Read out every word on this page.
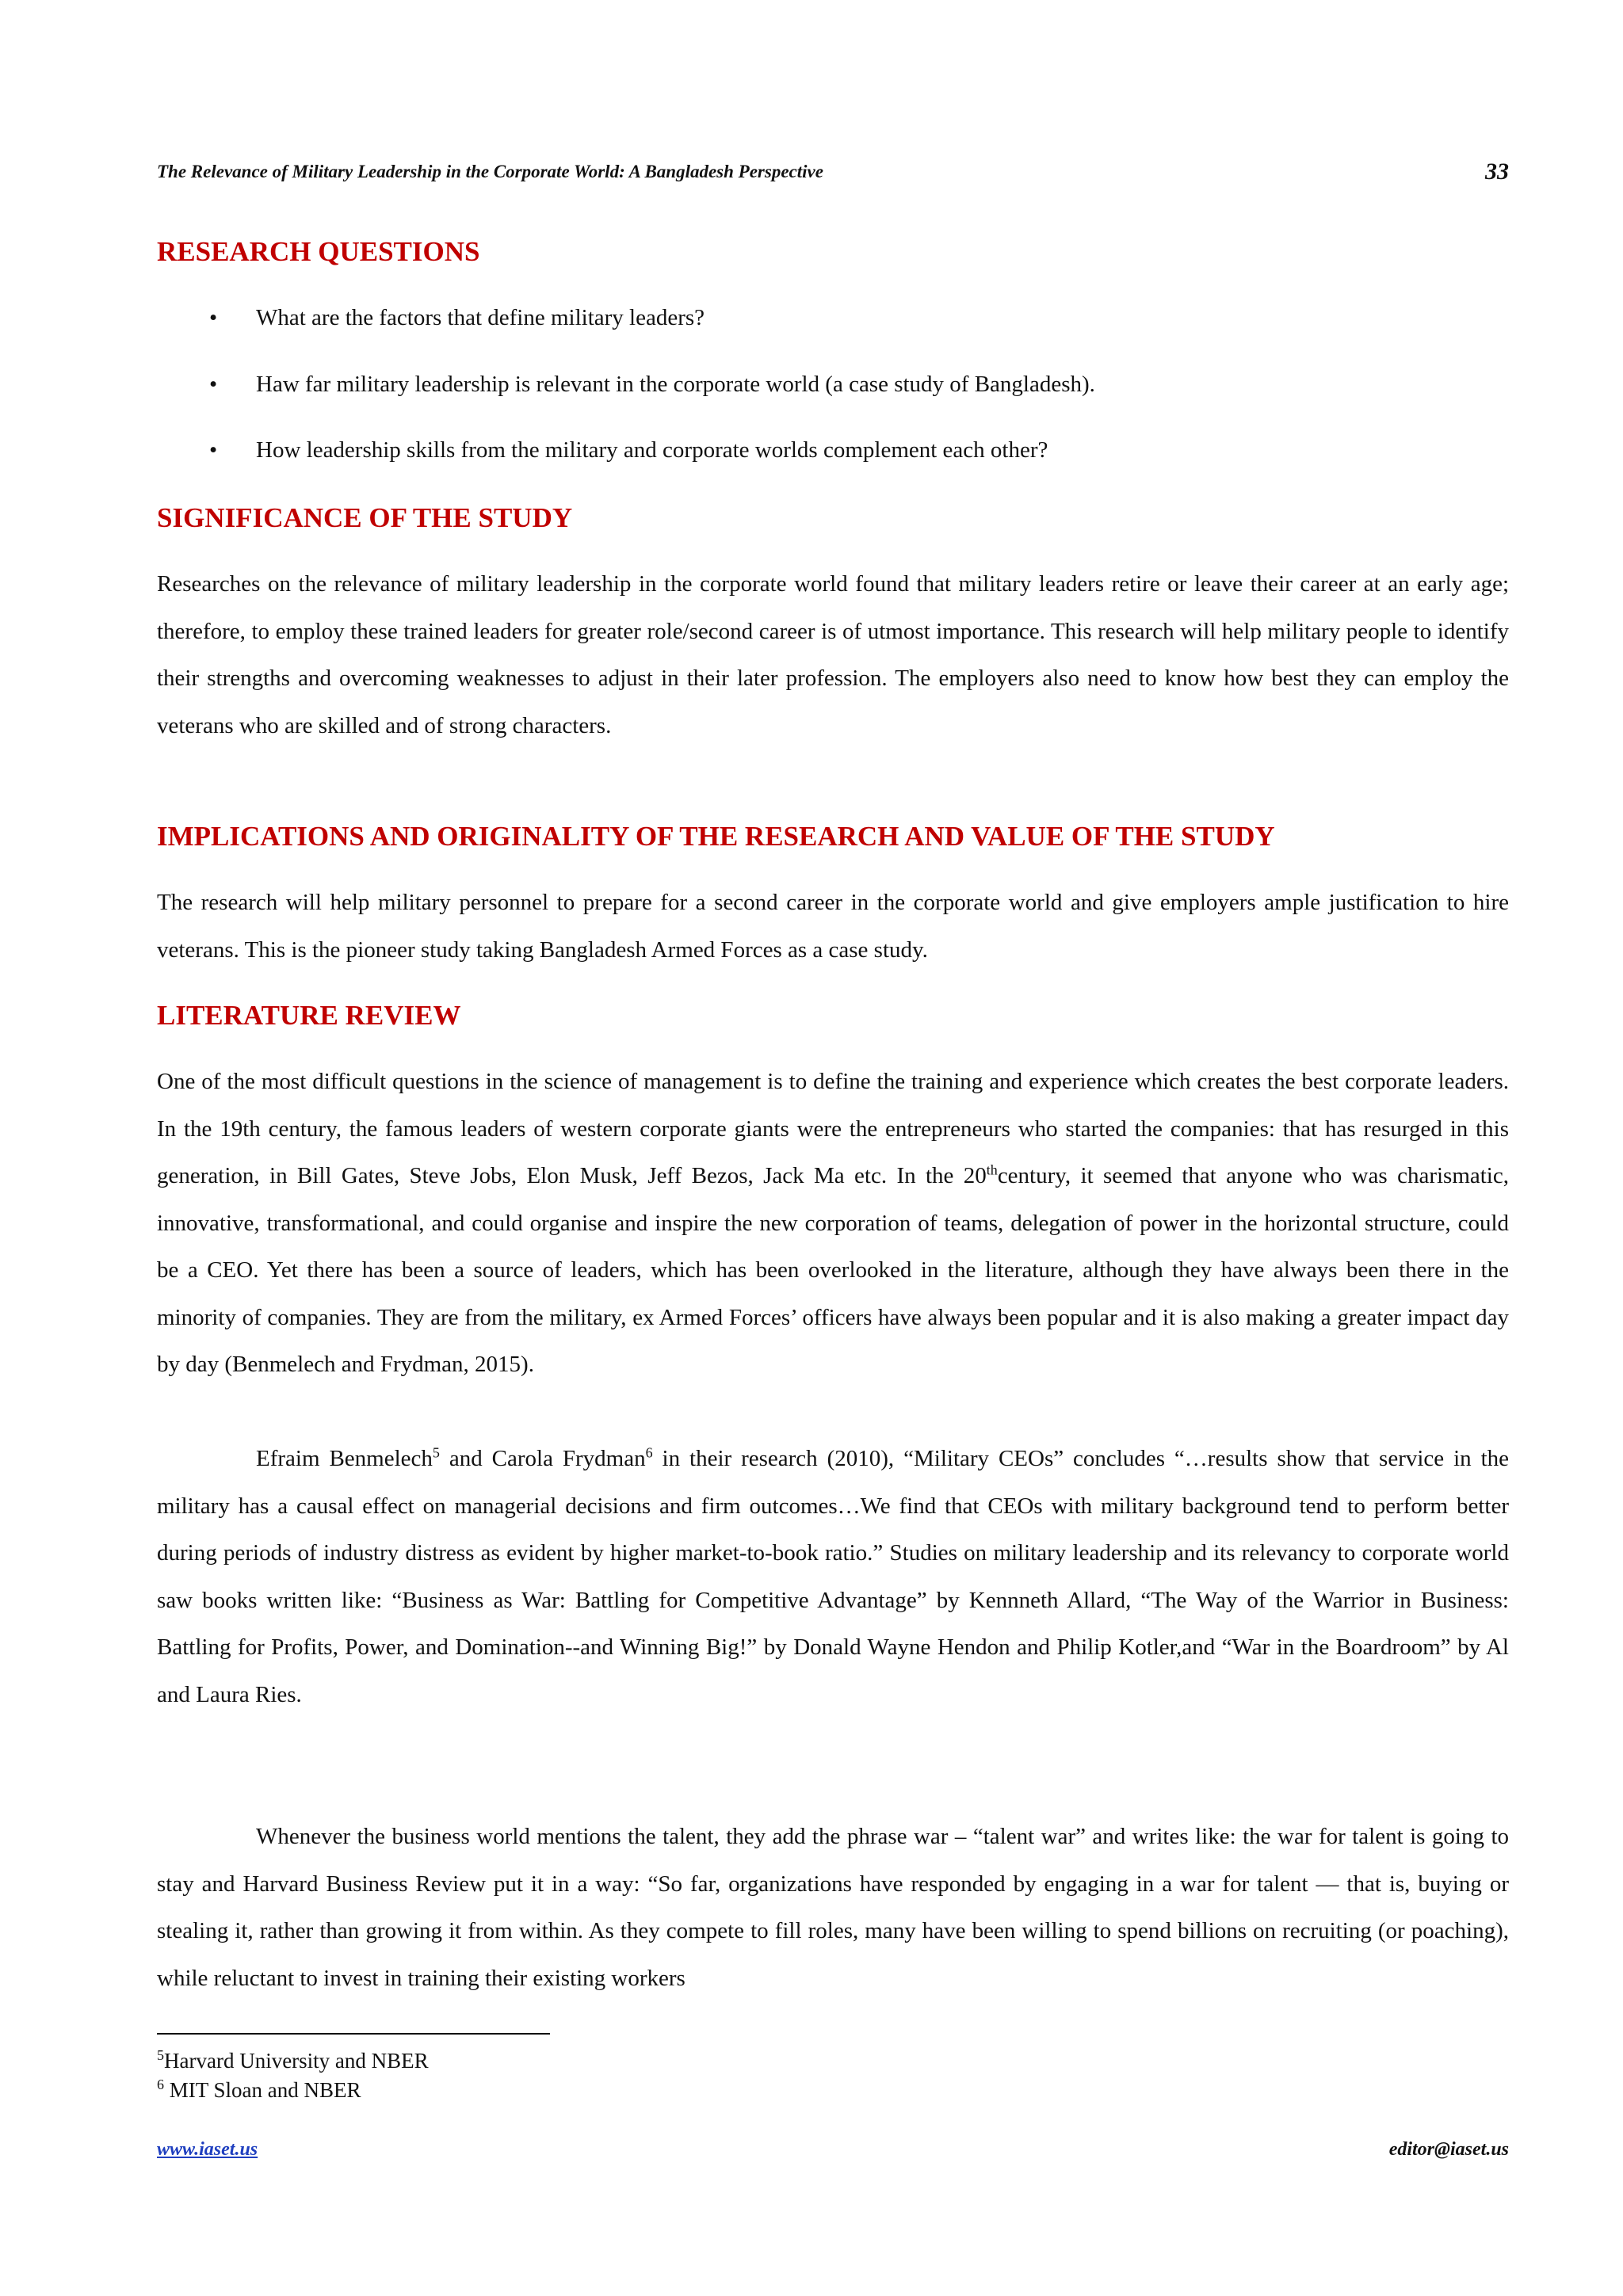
The Relevance of Military Leadership in the Corporate World: A Bangladesh Perspective	33
RESEARCH QUESTIONS
• What are the factors that define military leaders?
• Haw far military leadership is relevant in the corporate world (a case study of Bangladesh).
• How leadership skills from the military and corporate worlds complement each other?
SIGNIFICANCE OF THE STUDY

Researches on the relevance of military leadership in the corporate world found that military leaders retire or leave their career at an early age; therefore, to employ these trained leaders for greater role/second career is of utmost importance. This research will help military people to identify their strengths and overcoming weaknesses to adjust in their later profession. The employers also need to know how best they can employ the veterans who are skilled and of strong characters.

IMPLICATIONS AND ORIGINALITY OF THE RESEARCH AND VALUE OF THE STUDY

The research will help military personnel to prepare for a second career in the corporate world and give employers ample justification to hire veterans. This is the pioneer study taking Bangladesh Armed Forces as a case study.

LITERATURE REVIEW

One of the most difficult questions in the science of management is to define the training and experience which creates the best corporate leaders. In the 19th century, the famous leaders of western corporate giants were the entrepreneurs who started the companies: that has resurged in this generation, in Bill Gates, Steve Jobs, Elon Musk, Jeff Bezos, Jack Ma etc. In the 20thcentury, it seemed that anyone who was charismatic, innovative, transformational, and could organise and inspire the new corporation of teams, delegation of power in the horizontal structure, could be a CEO. Yet there has been a source of leaders, which has been overlooked in the literature, although they have always been there in the minority of companies. They are from the military, ex Armed Forces’ officers have always been popular and it is also making a greater impact day by day (Benmelech and Frydman, 2015).

Efraim Benmelech$^5$ and Carola Frydman$^6$ in their research (2010), “Military CEOs” concludes “…results show that service in the military has a causal effect on managerial decisions and firm outcomes…We find that CEOs with military background tend to perform better during periods of industry distress as evident by higher market-to-book ratio.” Studies on military leadership and its relevancy to corporate world saw books written like: “Business as War: Battling for Competitive Advantage” by Kennneth Allard, “The Way of the Warrior in Business: Battling for Profits, Power, and Domination--and Winning Big!” by Donald Wayne Hendon and Philip Kotler,and “War in the Boardroom” by Al and Laura Ries.

Whenever the business world mentions the talent, they add the phrase war – “talent war” and writes like: the war for talent is going to stay and Harvard Business Review put it in a way: “So far, organizations have responded by engaging in a war for talent — that is, buying or stealing it, rather than growing it from within. As they compete to fill roles, many have been willing to spend billions on recruiting (or poaching), while reluctant to invest in training their existing workers

$^5$Harvard University and NBER
$^6$ MIT Sloan and NBER
www.iaset.us	editor@iaset.us
